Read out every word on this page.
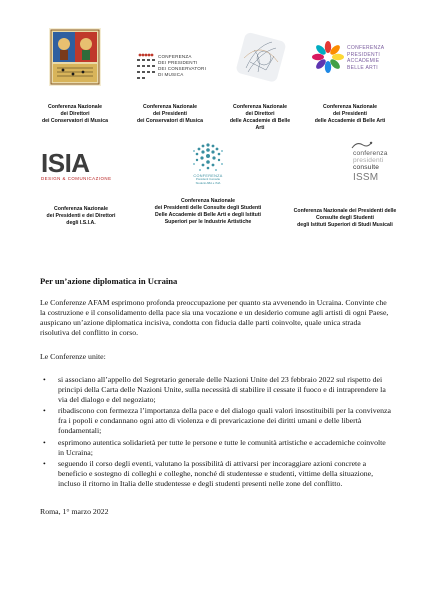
Conferenza Nazionale
dei Direttori
dei Conservatori di Musica
CONFERENZA
DEI PRESIDENTI
DEI CONSERVATORI
DI MUSICA
Conferenza Nazionale
dei Presidenti
dei Conservatori di Musica
Conferenza Nazionale
dei Direttori
delle Accademie di Belle
Arti
CONFERENZA
PRESIDENTI
ACCADEMIE
BELLE ARTI
Conferenza Nazionale
dei Presidenti
delle Accademie di Belle Arti
ISIA
DESIGN & COMUNICAZIONE
Conferenza Nazionale
dei Presidenti e dei Direttori
degli I.S.I.A.
CONFERENZA
Presidenti Consulte
Studenti ABA e ISIA
Conferenza Nazionale
dei Presidenti delle Consulte degli Studenti
Delle Accademie di Belle Arti e degli Istituti
Superiori per le Industrie Artistiche
conferenza
presidenti
consulte
ISSM
Conferenza Nazionale dei Presidenti delle
Consulte degli Studenti
degli Istituti Superiori di Studi Musicali
Per un’azione diplomatica in Ucraina

Le Conferenze AFAM esprimono profonda preoccupazione per quanto sta avvenendo in Ucraina. Convinte che la costruzione e il consolidamento della pace sia una vocazione e un desiderio comune agli artisti di ogni Paese, auspicano un’azione diplomatica incisiva, condotta con fiducia dalle parti coinvolte, quale unica strada risolutiva del conflitto in corso.

Le Conferenze unite:

• si associano all’appello del Segretario generale delle Nazioni Unite del 23 febbraio 2022 sul rispetto dei principi della Carta delle Nazioni Unite, sulla necessità di stabilire il cessate il fuoco e di intraprendere la via del dialogo e del negoziato;
• ribadiscono con fermezza l’importanza della pace e del dialogo quali valori insostituibili per la convivenza fra i popoli e condannano ogni atto di violenza e di prevaricazione dei diritti umani e delle libertà fondamentali;
• esprimono autentica solidarietà per tutte le persone e tutte le comunità artistiche e accademiche coinvolte in Ucraina;
• seguendo il corso degli eventi, valutano la possibilità di attivarsi per incoraggiare azioni concrete a beneficio e sostegno di colleghi e colleghe, nonché di studentesse e studenti, vittime della situazione, incluso il ritorno in Italia delle studentesse e degli studenti presenti nelle zone del conflitto.

Roma, 1° marzo 2022
